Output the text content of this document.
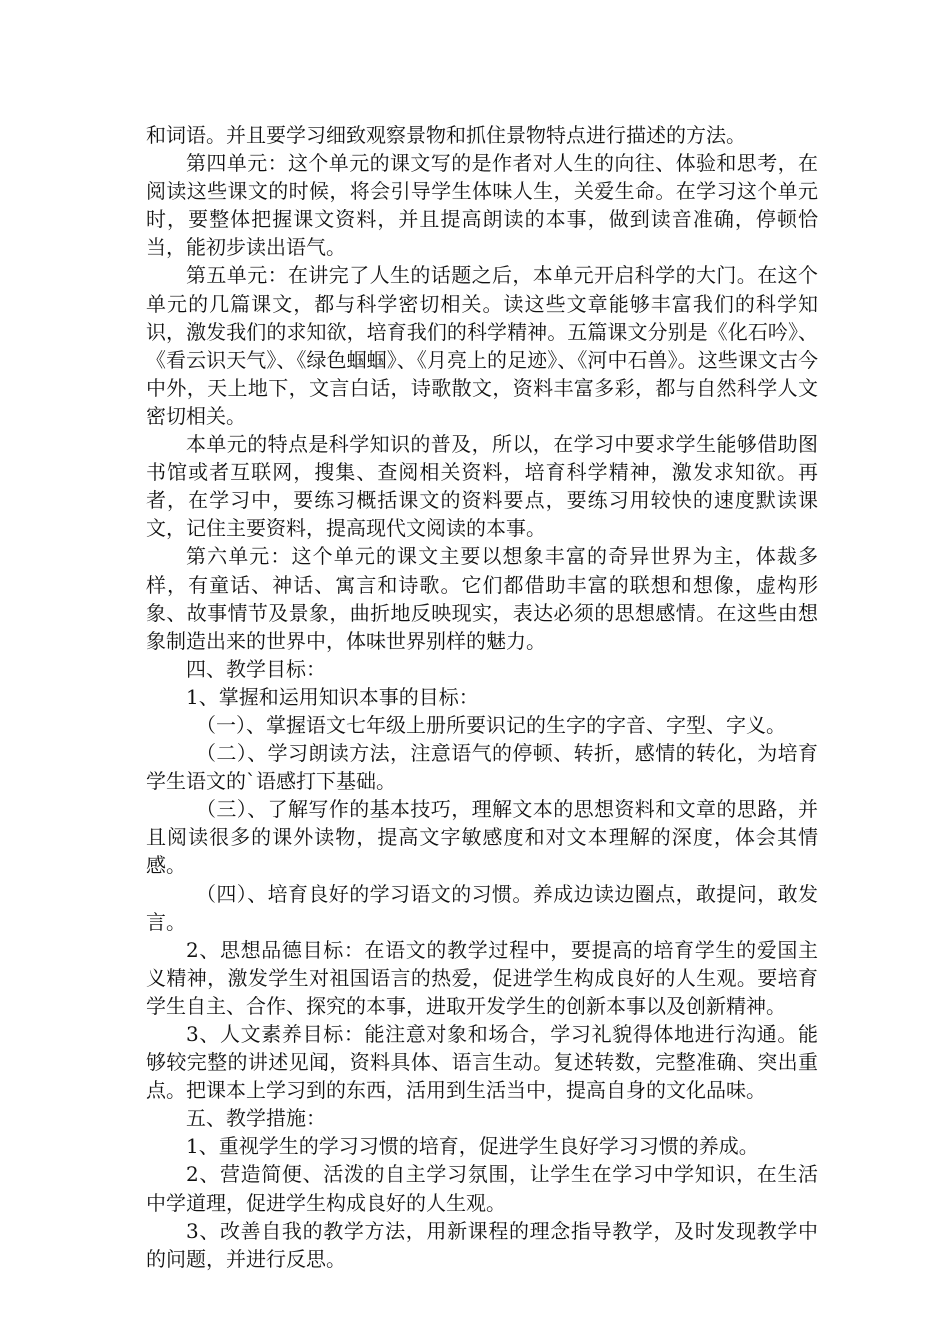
和词语。并且要学习细致观察景物和抓住景物特点进行描述的方法。

第四单元：这个单元的课文写的是作者对人生的向往、体验和思考，在阅读这些课文的时候，将会引导学生体味人生，关爱生命。在学习这个单元时，要整体把握课文资料，并且提高朗读的本事，做到读音准确，停顿恰当，能初步读出语气。

第五单元：在讲完了人生的话题之后，本单元开启科学的大门。在这个单元的几篇课文，都与科学密切相关。读这些文章能够丰富我们的科学知识，激发我们的求知欲，培育我们的科学精神。五篇课文分别是《化石吟》、《看云识天气》、《绿色蝈蝈》、《月亮上的足迹》、《河中石兽》。这些课文古今中外，天上地下，文言白话，诗歌散文，资料丰富多彩，都与自然科学人文密切相关。

本单元的特点是科学知识的普及，所以，在学习中要求学生能够借助图书馆或者互联网，搜集、查阅相关资料，培育科学精神，激发求知欲。再者，在学习中，要练习概括课文的资料要点，要练习用较快的速度默读课文，记住主要资料，提高现代文阅读的本事。

第六单元：这个单元的课文主要以想象丰富的奇异世界为主，体裁多样，有童话、神话、寓言和诗歌。它们都借助丰富的联想和想像，虚构形象、故事情节及景象，曲折地反映现实，表达必须的思想感情。在这些由想象制造出来的世界中，体味世界别样的魅力。

四、教学目标：

1、掌握和运用知识本事的目标：

（一）、掌握语文七年级上册所要识记的生字的字音、字型、字义。

（二）、学习朗读方法，注意语气的停顿、转折，感情的转化，为培育学生语文的`语感打下基础。

（三）、了解写作的基本技巧，理解文本的思想资料和文章的思路，并且阅读很多的课外读物，提高文字敏感度和对文本理解的深度，体会其情感。

（四）、培育良好的学习语文的习惯。养成边读边圈点，敢提问，敢发言。

2、思想品德目标：在语文的教学过程中，要提高的培育学生的爱国主义精神，激发学生对祖国语言的热爱，促进学生构成良好的人生观。要培育学生自主、合作、探究的本事，进取开发学生的创新本事以及创新精神。

3、人文素养目标：能注意对象和场合，学习礼貌得体地进行沟通。能够较完整的讲述见闻，资料具体、语言生动。复述转数，完整准确、突出重点。把课本上学习到的东西，活用到生活当中，提高自身的文化品味。

五、教学措施：

1、重视学生的学习习惯的培育，促进学生良好学习习惯的养成。

2、营造简便、活泼的自主学习氛围，让学生在学习中学知识，在生活中学道理，促进学生构成良好的人生观。

3、改善自我的教学方法，用新课程的理念指导教学，及时发现教学中的问题，并进行反思。
